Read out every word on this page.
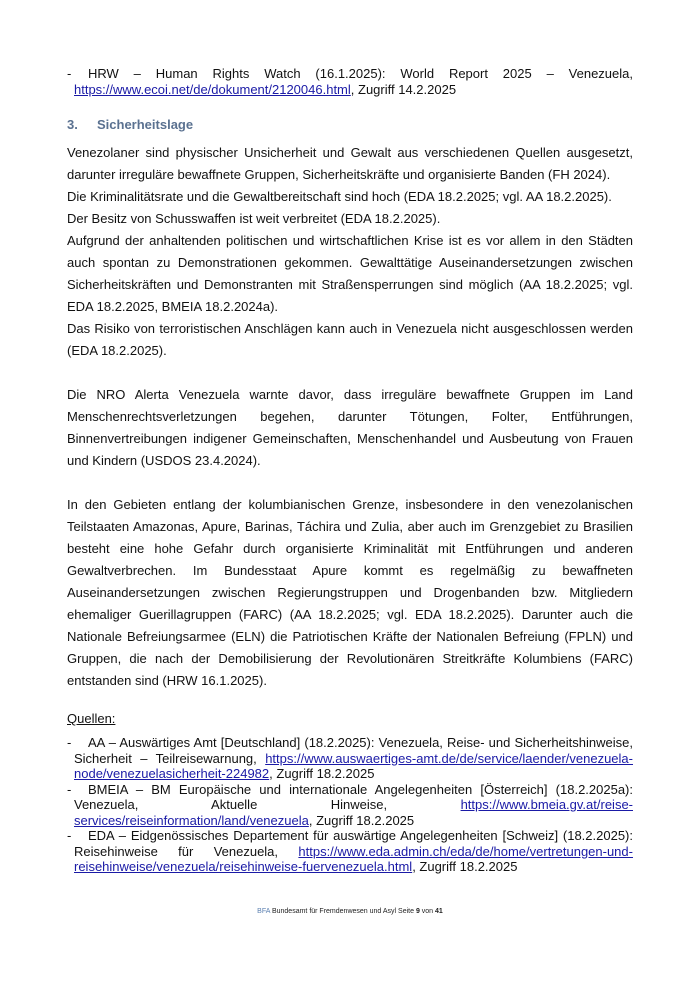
- HRW – Human Rights Watch (16.1.2025): World Report 2025 – Venezuela, https://www.ecoi.net/de/dokument/2120046.html, Zugriff 14.2.2025
3. Sicherheitslage

Venezolaner sind physischer Unsicherheit und Gewalt aus verschiedenen Quellen ausgesetzt, darunter irreguläre bewaffnete Gruppen, Sicherheitskräfte und organisierte Banden (FH 2024).

Die Kriminalitätsrate und die Gewaltbereitschaft sind hoch (EDA 18.2.2025; vgl. AA 18.2.2025).

Der Besitz von Schusswaffen ist weit verbreitet (EDA 18.2.2025).

Aufgrund der anhaltenden politischen und wirtschaftlichen Krise ist es vor allem in den Städten auch spontan zu Demonstrationen gekommen. Gewalttätige Auseinandersetzungen zwischen Sicherheitskräften und Demonstranten mit Straßensperrungen sind möglich (AA 18.2.2025; vgl. EDA 18.2.2025, BMEIA 18.2.2024a).

Das Risiko von terroristischen Anschlägen kann auch in Venezuela nicht ausgeschlossen werden (EDA 18.2.2025).

Die NRO Alerta Venezuela warnte davor, dass irreguläre bewaffnete Gruppen im Land Menschenrechtsverletzungen begehen, darunter Tötungen, Folter, Entführungen, Binnenvertreibungen indigener Gemeinschaften, Menschenhandel und Ausbeutung von Frauen und Kindern (USDOS 23.4.2024).

In den Gebieten entlang der kolumbianischen Grenze, insbesondere in den venezolanischen Teilstaaten Amazonas, Apure, Barinas, Táchira und Zulia, aber auch im Grenzgebiet zu Brasilien besteht eine hohe Gefahr durch organisierte Kriminalität mit Entführungen und anderen Gewaltverbrechen. Im Bundesstaat Apure kommt es regelmäßig zu bewaffneten Auseinandersetzungen zwischen Regierungstruppen und Drogenbanden bzw. Mitgliedern ehemaliger Guerillagruppen (FARC) (AA 18.2.2025; vgl. EDA 18.2.2025). Darunter auch die Nationale Befreiungsarmee (ELN) die Patriotischen Kräfte der Nationalen Befreiung (FPLN) und Gruppen, die nach der Demobilisierung der Revolutionären Streitkräfte Kolumbiens (FARC) entstanden sind (HRW 16.1.2025).

Quellen:
- AA – Auswärtiges Amt [Deutschland] (18.2.2025): Venezuela, Reise- und Sicherheitshinweise, Sicherheit – Teilreisewarnung, https://www.auswaertiges-amt.de/de/service/laender/venezuela-node/venezuelasicherheit-224982, Zugriff 18.2.2025
- BMEIA – BM Europäische und internationale Angelegenheiten [Österreich] (18.2.2025a): Venezuela, Aktuelle Hinweise,	https://www.bmeia.gv.at/reise-services/reiseinformation/land/venezuela, Zugriff 18.2.2025
- EDA – Eidgenössisches Departement für auswärtige Angelegenheiten [Schweiz] (18.2.2025): Reisehinweise für Venezuela, https://www.eda.admin.ch/eda/de/home/vertretungen-und-reisehinweise/venezuela/reisehinweise-fuervenezuela.html, Zugriff 18.2.2025
BFA Bundesamt für Fremdenwesen und Asyl Seite 9 von 41
